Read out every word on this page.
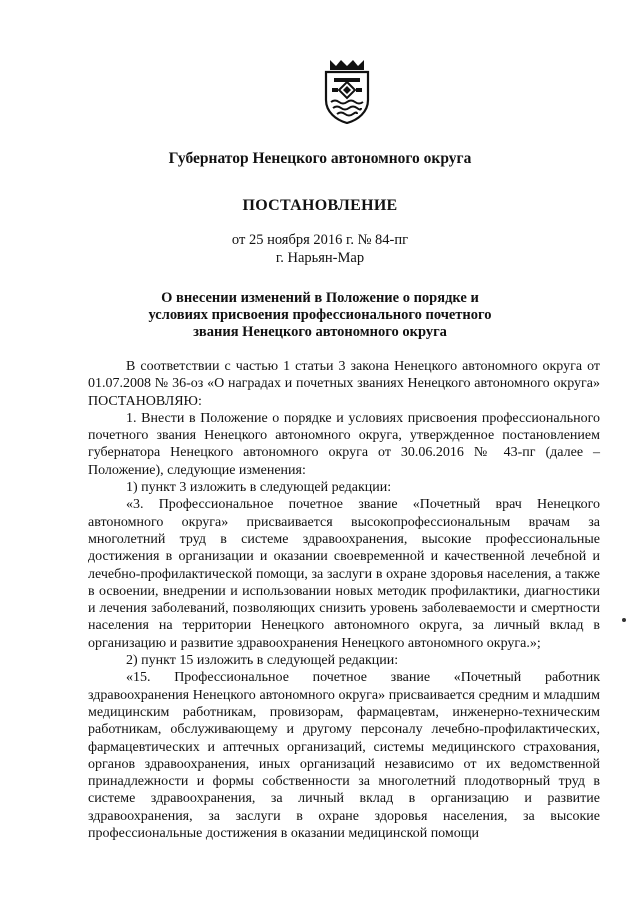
Губернатор Ненецкого автономного округа

ПОСТАНОВЛЕНИЕ

от 25 ноября 2016 г. № 84-пг

г. Нарьян-Мар

О внесении изменений в Положение о порядке и
условиях присвоения профессионального почетного
звания Ненецкого автономного округа

В соответствии с частью 1 статьи 3 закона Ненецкого автономного округа от 01.07.2008 № 36-оз «О наградах и почетных званиях Ненецкого автономного округа» ПОСТАНОВЛЯЮ:

1. Внести в Положение о порядке и условиях присвоения профессионального почетного звания Ненецкого автономного округа, утвержденное постановлением губернатора Ненецкого автономного округа от 30.06.2016 № 43-пг (далее – Положение), следующие изменения:

1) пункт 3 изложить в следующей редакции:

«3. Профессиональное почетное звание «Почетный врач Ненецкого автономного округа» присваивается высокопрофессиональным врачам за многолетний труд в системе здравоохранения, высокие профессиональные достижения в организации и оказании своевременной и качественной лечебной и лечебно-профилактической помощи, за заслуги в охране здоровья населения, а также в освоении, внедрении и использовании новых методик профилактики, диагностики и лечения заболеваний, позволяющих снизить уровень заболеваемости и смертности населения на территории Ненецкого автономного округа, за личный вклад в организацию и развитие здравоохранения Ненецкого автономного округа.»;

2) пункт 15 изложить в следующей редакции:

«15. Профессиональное почетное звание «Почетный работник здравоохранения Ненецкого автономного округа» присваивается средним и младшим медицинским работникам, провизорам, фармацевтам, инженерно-техническим работникам, обслуживающему и другому персоналу лечебно-профилактических, фармацевтических и аптечных организаций, системы медицинского страхования, органов здравоохранения, иных организаций независимо от их ведомственной принадлежности и формы собственности за многолетний плодотворный труд в системе здравоохранения, за личный вклад в организацию и развитие здравоохранения, за заслуги в охране здоровья населения, за высокие профессиональные достижения в оказании медицинской помощи
